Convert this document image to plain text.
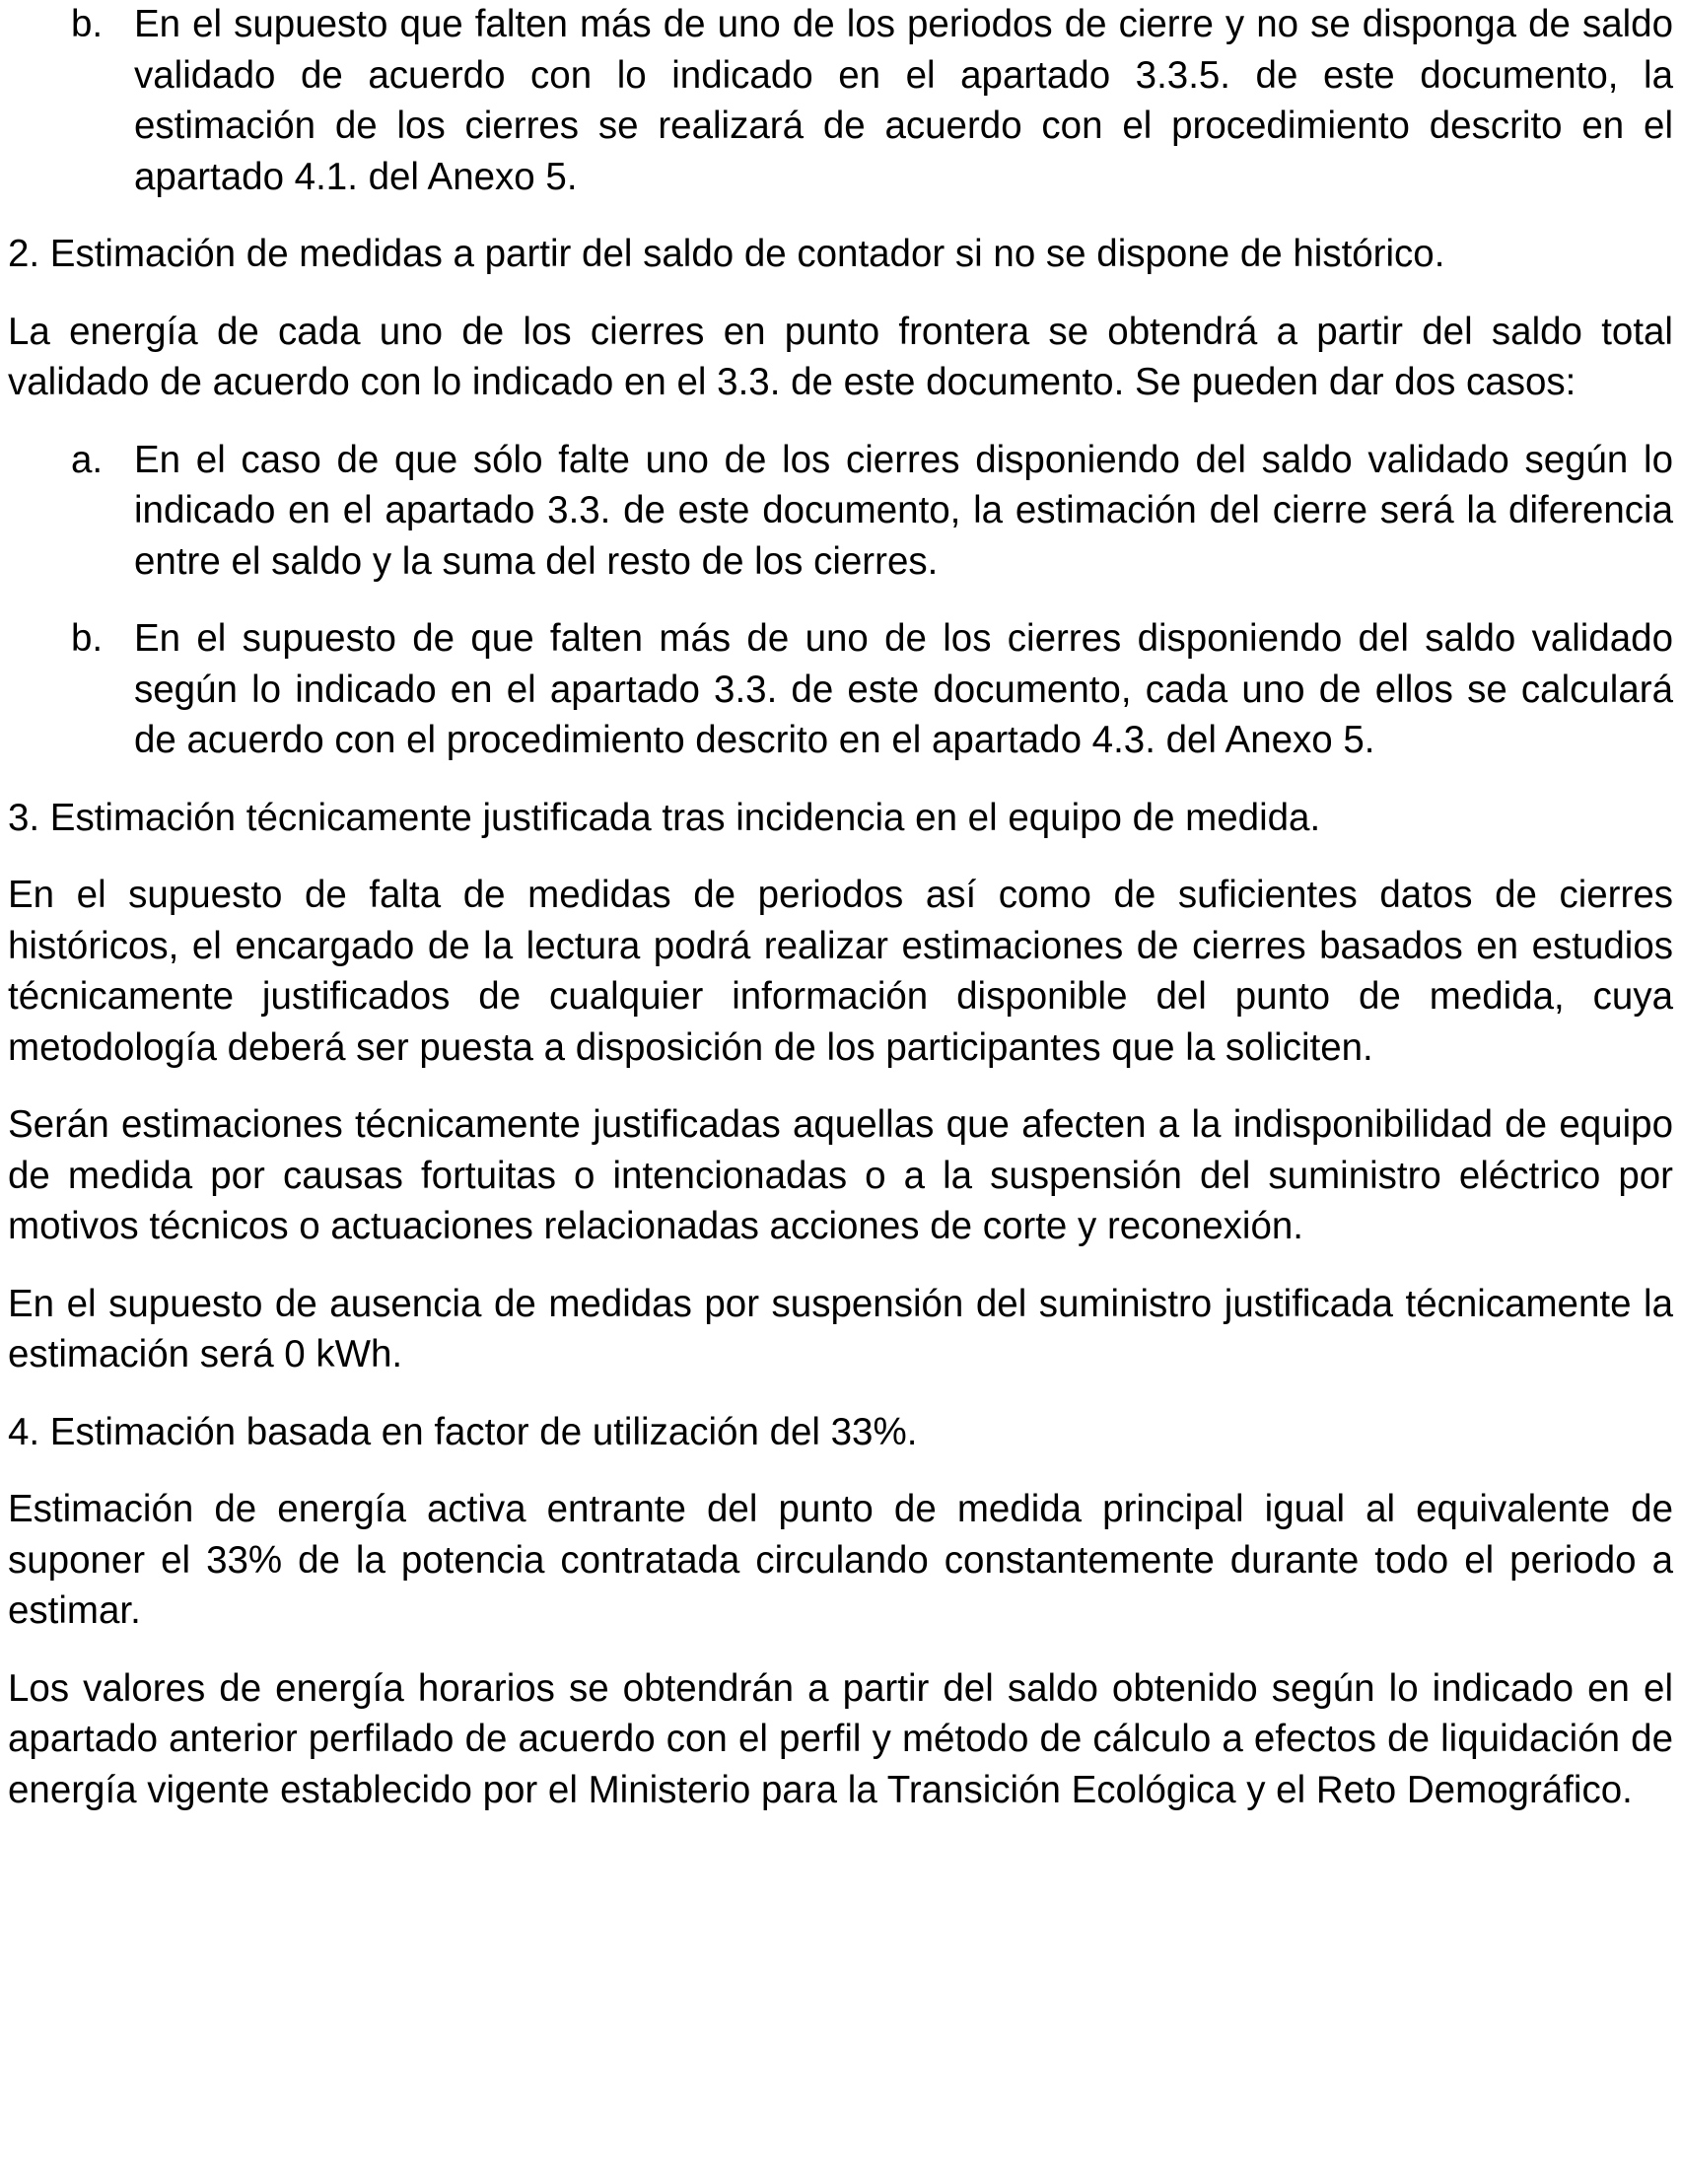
b. En el supuesto que falten más de uno de los periodos de cierre y no se disponga de saldo validado de acuerdo con lo indicado en el apartado 3.3.5. de este documento, la estimación de los cierres se realizará de acuerdo con el procedimiento descrito en el apartado 4.1. del Anexo 5.

2. Estimación de medidas a partir del saldo de contador si no se dispone de histórico.

La energía de cada uno de los cierres en punto frontera se obtendrá a partir del saldo total validado de acuerdo con lo indicado en el 3.3. de este documento. Se pueden dar dos casos:

a. En el caso de que sólo falte uno de los cierres disponiendo del saldo validado según lo indicado en el apartado 3.3. de este documento, la estimación del cierre será la diferencia entre el saldo y la suma del resto de los cierres.

b. En el supuesto de que falten más de uno de los cierres disponiendo del saldo validado según lo indicado en el apartado 3.3. de este documento, cada uno de ellos se calculará de acuerdo con el procedimiento descrito en el apartado 4.3. del Anexo 5.

3. Estimación técnicamente justificada tras incidencia en el equipo de medida.

En el supuesto de falta de medidas de periodos así como de suficientes datos de cierres históricos, el encargado de la lectura podrá realizar estimaciones de cierres basados en estudios técnicamente justificados de cualquier información disponible del punto de medida, cuya metodología deberá ser puesta a disposición de los participantes que la soliciten.

Serán estimaciones técnicamente justificadas aquellas que afecten a la indisponibilidad de equipo de medida por causas fortuitas o intencionadas o a la suspensión del suministro eléctrico por motivos técnicos o actuaciones relacionadas acciones de corte y reconexión.

En el supuesto de ausencia de medidas por suspensión del suministro justificada técnicamente la estimación será 0 kWh.

4. Estimación basada en factor de utilización del 33%.

Estimación de energía activa entrante del punto de medida principal igual al equivalente de suponer el 33% de la potencia contratada circulando constantemente durante todo el periodo a estimar.

Los valores de energía horarios se obtendrán a partir del saldo obtenido según lo indicado en el apartado anterior perfilado de acuerdo con el perfil y método de cálculo a efectos de liquidación de energía vigente establecido por el Ministerio para la Transición Ecológica y el Reto Demográfico.
